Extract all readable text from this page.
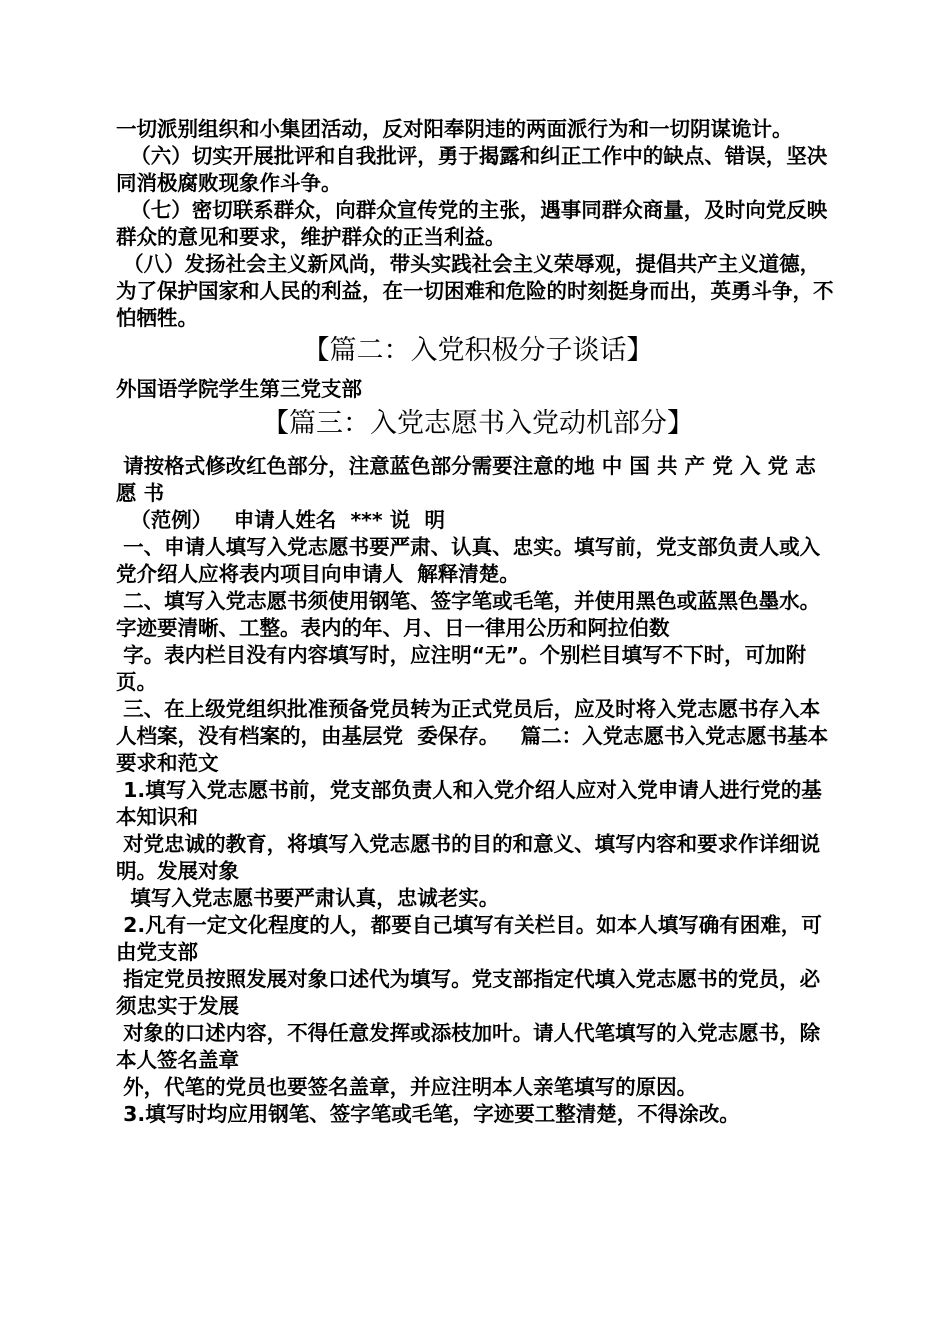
一切派别组织和小集团活动，反对阳奉阴违的两面派行为和一切阴谋诡计。

（六）切实开展批评和自我批评，勇于揭露和纠正工作中的缺点、错误，坚决同消极腐败现象作斗争。

（七）密切联系群众，向群众宣传党的主张，遇事同群众商量，及时向党反映群众的意见和要求，维护群众的正当利益。

（八）发扬社会主义新风尚，带头实践社会主义荣辱观，提倡共产主义道德，为了保护国家和人民的利益，在一切困难和危险的时刻挺身而出，英勇斗争，不怕牺牲。

【篇二：入党积极分子谈话】

外国语学院学生第三党支部

【篇三：入党志愿书入党动机部分】

请按格式修改红色部分，注意蓝色部分需要注意的地 中 国 共 产 党 入 党 志 愿 书

（范例）   申请人姓名  *** 说  明

一、申请人填写入党志愿书要严肃、认真、忠实。填写前，党支部负责人或入党介绍人应将表内项目向申请人  解释清楚。

二、填写入党志愿书须使用钢笔、签字笔或毛笔，并使用黑色或蓝黑色墨水。字迹要清晰、工整。表内的年、月、日一律用公历和阿拉伯数

字。表内栏目没有内容填写时，应注明“无”。个别栏目填写不下时，可加附页。

三、在上级党组织批准预备党员转为正式党员后，应及时将入党志愿书存入本人档案，没有档案的，由基层党  委保存。   篇二：入党志愿书入党志愿书基本要求和范文

1.填写入党志愿书前，党支部负责人和入党介绍人应对入党申请人进行党的基本知识和

对党忠诚的教育，将填写入党志愿书的目的和意义、填写内容和要求作详细说明。发展对象

填写入党志愿书要严肃认真，忠诚老实。

2.凡有一定文化程度的人，都要自己填写有关栏目。如本人填写确有困难，可由党支部

指定党员按照发展对象口述代为填写。党支部指定代填入党志愿书的党员，必须忠实于发展

对象的口述内容，不得任意发挥或添枝加叶。请人代笔填写的入党志愿书，除本人签名盖章

外，代笔的党员也要签名盖章，并应注明本人亲笔填写的原因。

3.填写时均应用钢笔、签字笔或毛笔，字迹要工整清楚，不得涂改。
